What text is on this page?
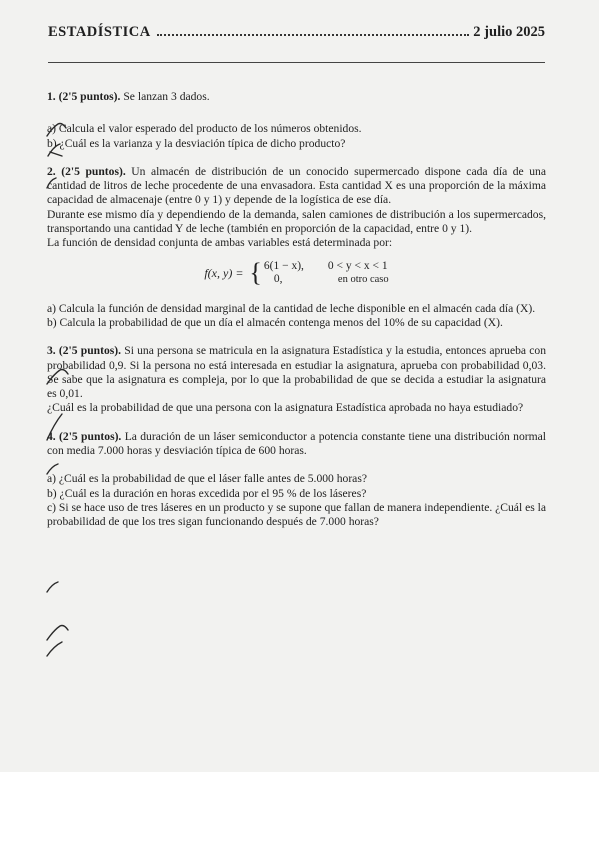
ESTADÍSTICA	2 julio 2025

1. (2'5 puntos). Se lanzan 3 dados.

a) Calcula el valor esperado del producto de los números obtenidos.

b) ¿Cuál es la varianza y la desviación típica de dicho producto?

2. (2'5 puntos). Un almacén de distribución de un conocido supermercado dispone cada día de una cantidad de litros de leche procedente de una envasadora. Esta cantidad X es una proporción de la máxima capacidad de almacenaje (entre 0 y 1) y depende de la logística de ese día.

Durante ese mismo día y dependiendo de la demanda, salen camiones de distribución a los supermercados, transportando una cantidad Y de leche (también en proporción de la capacidad, entre 0 y 1).

La función de densidad conjunta de ambas variables está determinada por:

f(x, y) = { 6(1 − x),	0 < y < x < 1
0,	en otro caso

a) Calcula la función de densidad marginal de la cantidad de leche disponible en el almacén cada día (X).

b) Calcula la probabilidad de que un día el almacén contenga menos del 10% de su capacidad (X).

3. (2'5 puntos). Si una persona se matricula en la asignatura Estadística y la estudia, entonces aprueba con probabilidad 0,9. Si la persona no está interesada en estudiar la asignatura, aprueba con probabilidad 0,03. Se sabe que la asignatura es compleja, por lo que la probabilidad de que se decida a estudiar la asignatura es 0,01.

¿Cuál es la probabilidad de que una persona con la asignatura Estadística aprobada no haya estudiado?

4. (2'5 puntos). La duración de un láser semiconductor a potencia constante tiene una distribución normal con media 7.000 horas y desviación típica de 600 horas.

a) ¿Cuál es la probabilidad de que el láser falle antes de 5.000 horas?

b) ¿Cuál es la duración en horas excedida por el 95 % de los láseres?

c) Si se hace uso de tres láseres en un producto y se supone que fallan de manera independiente. ¿Cuál es la probabilidad de que los tres sigan funcionando después de 7.000 horas?
